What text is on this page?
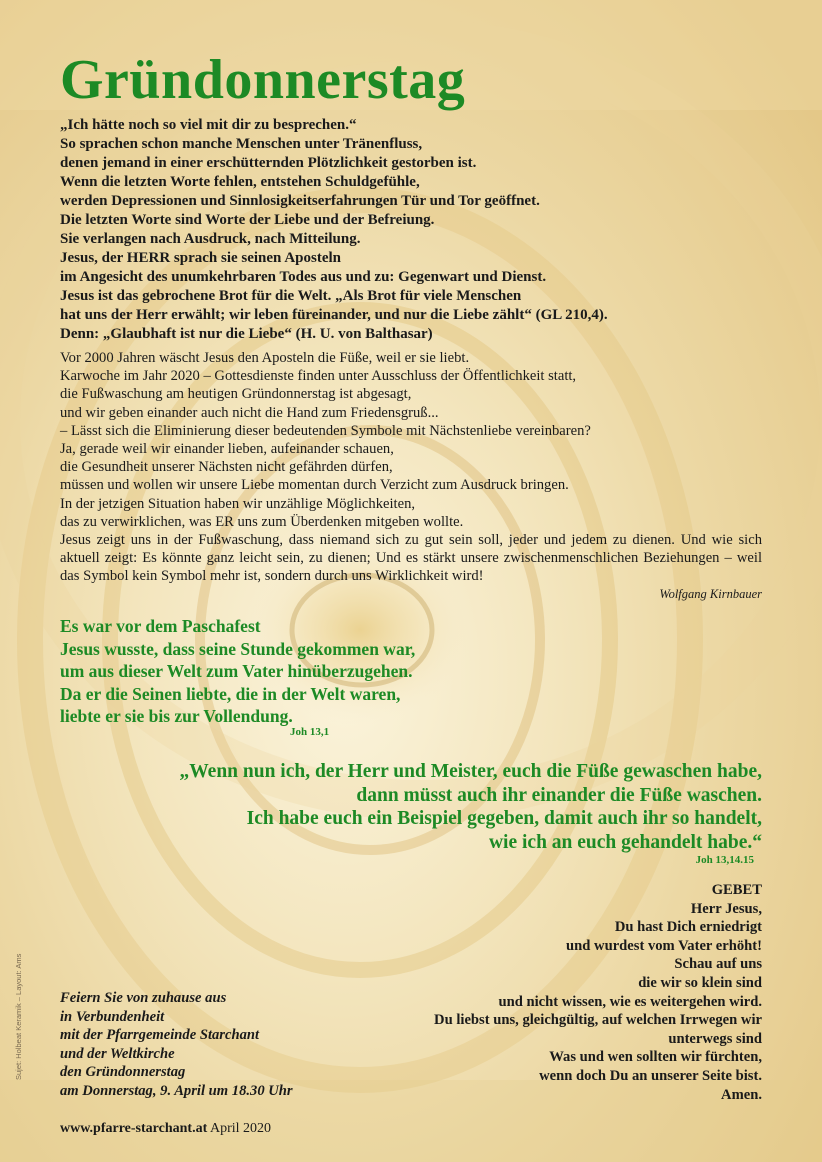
Gründonnerstag
„Ich hätte noch so viel mit dir zu besprechen.“
So sprachen schon manche Menschen unter Tränenfluss,
denen jemand in einer erschütternden Plötzlichkeit gestorben ist.
Wenn die letzten Worte fehlen, entstehen Schuldgefühle,
werden Depressionen und Sinnlosigkeitserfahrungen Tür und Tor geöffnet.
Die letzten Worte sind Worte der Liebe und der Befreiung.
Sie verlangen nach Ausdruck, nach Mitteilung.
Jesus, der HERR sprach sie seinen Aposteln
im Angesicht des unumkehrbaren Todes aus und zu: Gegenwart und Dienst.
Jesus ist das gebrochene Brot für die Welt. „Als Brot für viele Menschen
hat uns der Herr erwählt; wir leben füreinander, und nur die Liebe zählt“ (GL 210,4).
Denn: „Glaubhaft ist nur die Liebe“ (H. U. von Balthasar)
Vor 2000 Jahren wäscht Jesus den Aposteln die Füße, weil er sie liebt.
Karwoche im Jahr 2020 – Gottesdienste finden unter Ausschluss der Öffentlichkeit statt,
die Fußwaschung am heutigen Gründonnerstag ist abgesagt,
und wir geben einander auch nicht die Hand zum Friedensgruß...
– Lässt sich die Eliminierung dieser bedeutenden Symbole mit Nächstenliebe vereinbaren?
Ja, gerade weil wir einander lieben, aufeinander schauen,
die Gesundheit unserer Nächsten nicht gefährden dürfen,
müssen und wollen wir unsere Liebe momentan durch Verzicht zum Ausdruck bringen.
In der jetzigen Situation haben wir unzählige Möglichkeiten,
das zu verwirklichen, was ER uns zum Überdenken mitgeben wollte.
Jesus zeigt uns in der Fußwaschung, dass niemand sich zu gut sein soll, jeder und jedem zu dienen. Und wie sich aktuell zeigt: Es könnte ganz leicht sein, zu dienen; Und es stärkt unsere zwischenmenschlichen Beziehungen – weil das Symbol kein Symbol mehr ist, sondern durch uns Wirklichkeit wird!
Wolfgang Kirnbauer
Es war vor dem Paschafest
Jesus wusste, dass seine Stunde gekommen war,
um aus dieser Welt zum Vater hinüberzugehen.
Da er die Seinen liebte, die in der Welt waren,
liebte er sie bis zur Vollendung.
Joh 13,1
„Wenn nun ich, der Herr und Meister, euch die Füße gewaschen habe,
dann müsst auch ihr einander die Füße waschen.
Ich habe euch ein Beispiel gegeben, damit auch ihr so handelt,
wie ich an euch gehandelt habe.“
Joh 13,14.15
GEBET
Herr Jesus,
Du hast Dich erniedrigt
und wurdest vom Vater erhöht!
Schau auf uns
die wir so klein sind
und nicht wissen, wie es weitergehen wird.
Du liebst uns, gleichgültig, auf welchen Irrwegen wir
unterwegs sind
Was und wen sollten wir fürchten,
wenn doch Du an unserer Seite bist.
Amen.
Feiern Sie von zuhause aus
in Verbundenheit
mit der Pfarrgemeinde Starchant
und der Weltkirche
den Gründonnerstag
am Donnerstag, 9. April um 18.30 Uhr
www.pfarre-starchant.at April 2020
Sujet: Holbeat Keramik – Layout: Ams
